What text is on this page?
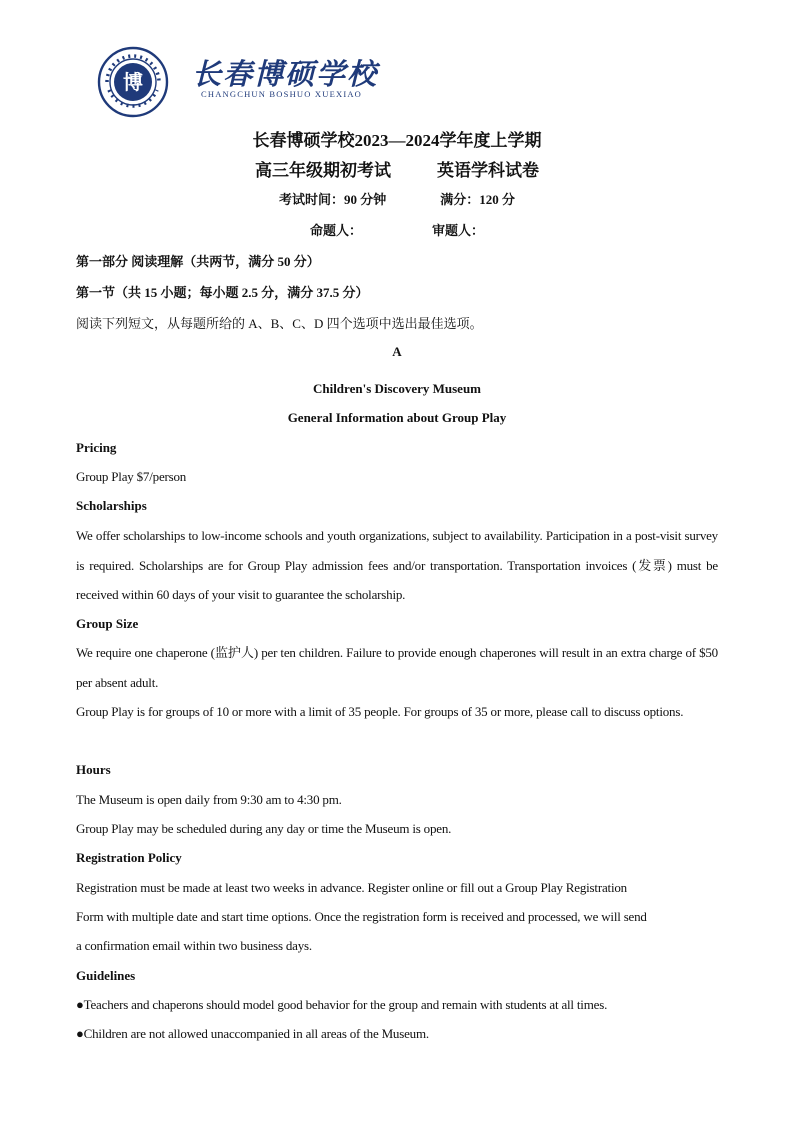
博 长春博硕学校
CHANGCHUN BOSHUO XUEXIAO
长春博硕学校2023—2024学年度上学期
高三年级期初考试	英语学科试卷
考试时间：90 分钟	满分：120 分
命题人：	审题人：
第一部分 阅读理解（共两节，满分 50 分）
第一节（共 15 小题；每小题 2.5 分，满分 37.5 分）
阅读下列短文，从每题所给的 A、B、C、D 四个选项中选出最佳选项。
A
Children's Discovery Museum
General Information about Group Play
Pricing
Group Play $7/person
Scholarships
We offer scholarships to low-income schools and youth organizations, subject to availability. Participation in a post-visit survey is required. Scholarships are for Group Play admission fees and/or transportation. Transportation invoices (发票) must be received within 60 days of your visit to guarantee the scholarship.
Group Size
We require one chaperone (监护人) per ten children. Failure to provide enough chaperones will result in an extra charge of $50 per absent adult.
Group Play is for groups of 10 or more with a limit of 35 people. For groups of 35 or more, please call to discuss options.
Hours
The Museum is open daily from 9:30 am to 4:30 pm.
Group Play may be scheduled during any day or time the Museum is open.
Registration Policy
Registration must be made at least two weeks in advance. Register online or fill out a Group Play Registration
Form with multiple date and start time options. Once the registration form is received and processed, we will send
a confirmation email within two business days.
Guidelines
●Teachers and chaperons should model good behavior for the group and remain with students at all times.
●Children are not allowed unaccompanied in all areas of the Museum.
